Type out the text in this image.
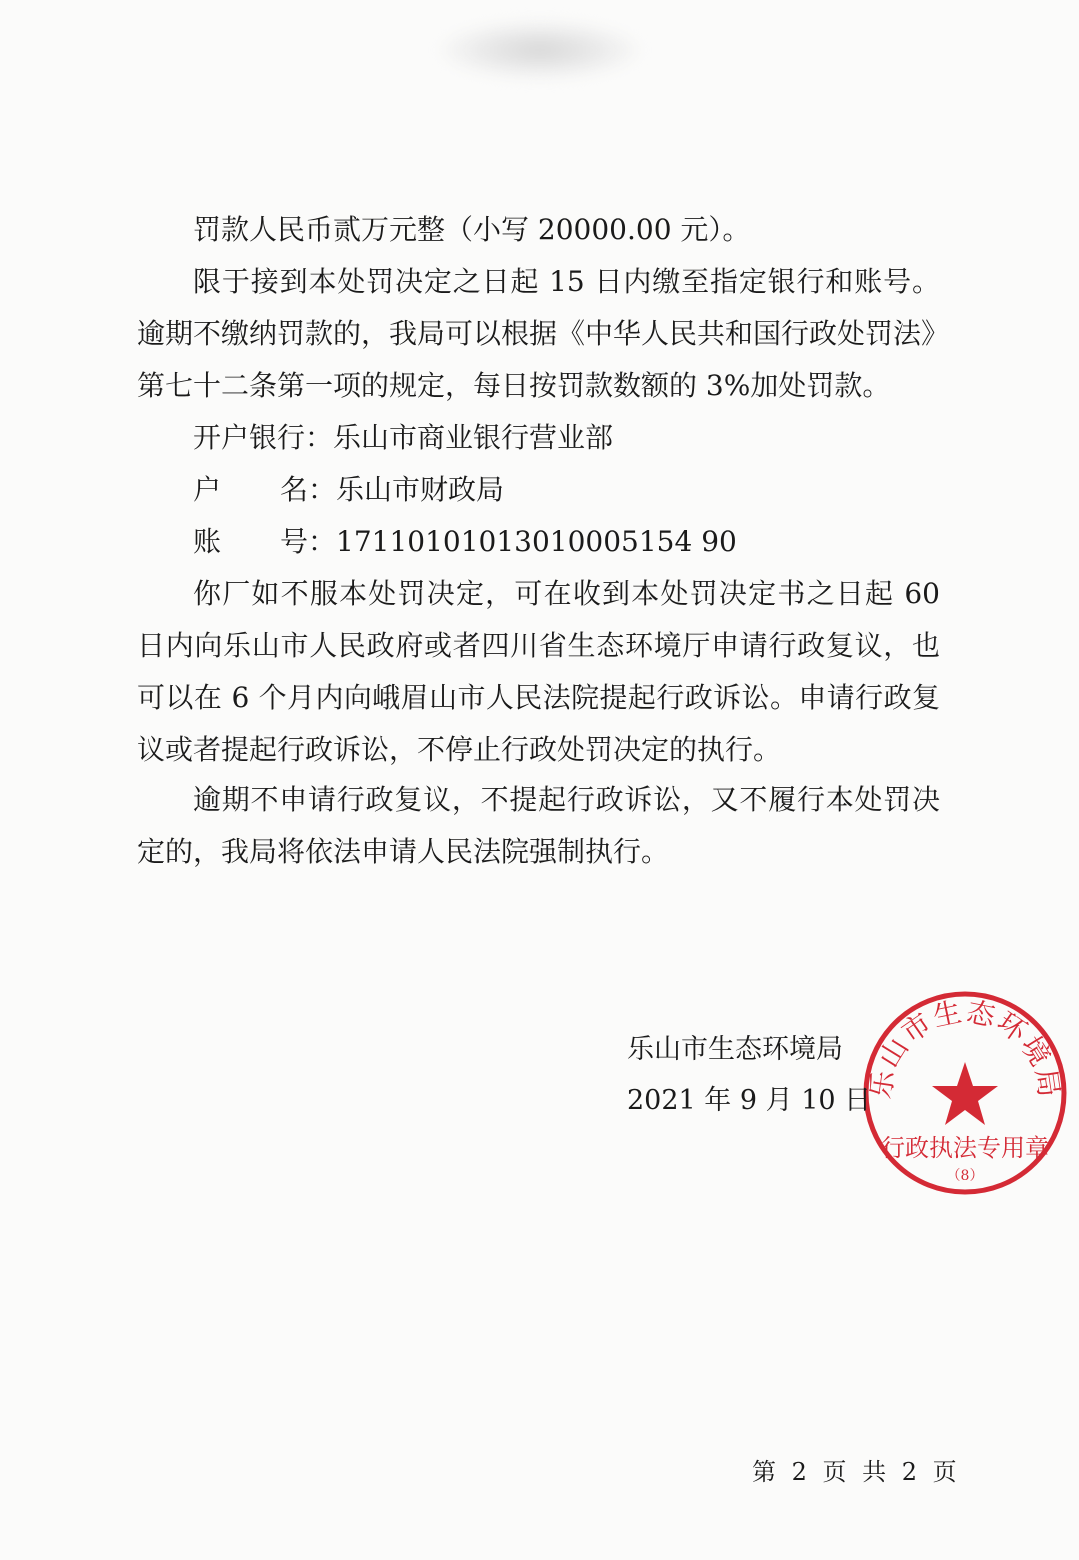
罚款人民币贰万元整（小写 20000.00 元）。
限于接到本处罚决定之日起 15 日内缴至指定银行和账号。
逾期不缴纳罚款的，我局可以根据《中华人民共和国行政处罚法》
第七十二条第一项的规定，每日按罚款数额的 3%加处罚款。
开户银行：乐山市商业银行营业部
户名：乐山市财政局
账号：17110101013010005154 90
你厂如不服本处罚决定，可在收到本处罚决定书之日起 60
日内向乐山市人民政府或者四川省生态环境厅申请行政复议，也
可以在 6 个月内向峨眉山市人民法院提起行政诉讼。申请行政复
议或者提起行政诉讼，不停止行政处罚决定的执行。
逾期不申请行政复议，不提起行政诉讼，又不履行本处罚决
定的，我局将依法申请人民法院强制执行。
乐山市生态环境局
行政执法专用章
（8）
乐山市生态环境局
2021 年 9 月 10 日
第 2 页 共 2 页
